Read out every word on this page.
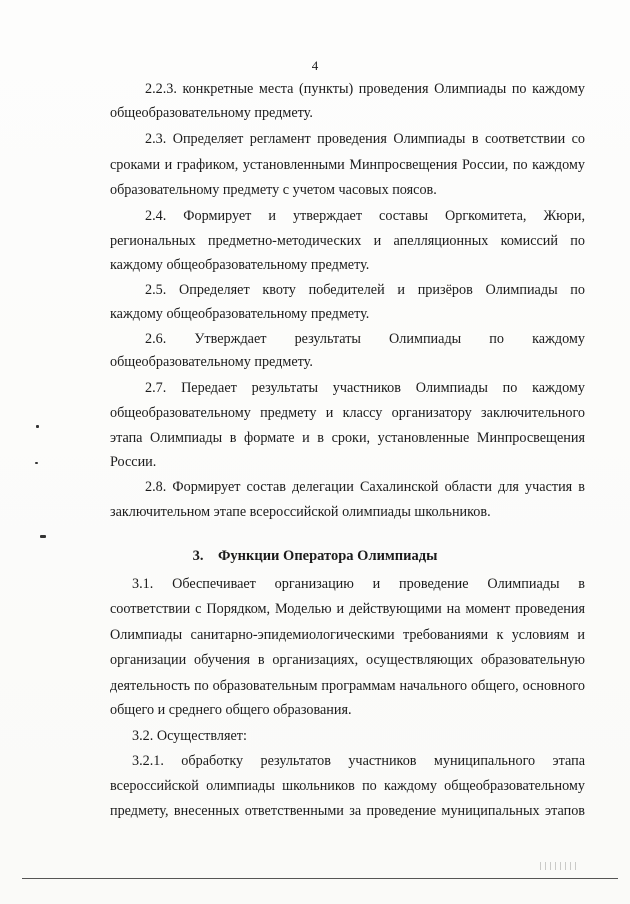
4
2.2.3. конкретные места (пункты) проведения Олимпиады по каждому
общеобразовательному предмету.
2.3. Определяет регламент проведения Олимпиады в соответствии со
сроками и графиком, установленными Минпросвещения России, по каждому
образовательному предмету с учетом часовых поясов.
2.4. Формирует и утверждает составы Оргкомитета, Жюри,
региональных предметно-методических и апелляционных комиссий по
каждому общеобразовательному предмету.
2.5. Определяет квоту победителей и призёров Олимпиады по
каждому общеобразовательному предмету.
2.6. Утверждает результаты Олимпиады по каждому
общеобразовательному предмету.
2.7. Передает результаты участников Олимпиады по каждому
общеобразовательному предмету и классу организатору заключительного
этапа Олимпиады в формате и в сроки, установленные Минпросвещения
России.
2.8. Формирует состав делегации Сахалинской области для участия в
заключительном этапе всероссийской олимпиады школьников.
3. Функции Оператора Олимпиады
3.1. Обеспечивает организацию и проведение Олимпиады в
соответствии с Порядком, Моделью и действующими на момент проведения
Олимпиады санитарно-эпидемиологическими требованиями к условиям и
организации обучения в организациях, осуществляющих образовательную
деятельность по образовательным программам начального общего, основного
общего и среднего общего образования.
3.2. Осуществляет:
3.2.1. обработку результатов участников муниципального этапа
всероссийской олимпиады школьников по каждому общеобразовательному
предмету, внесенных ответственными за проведение муниципальных этапов
